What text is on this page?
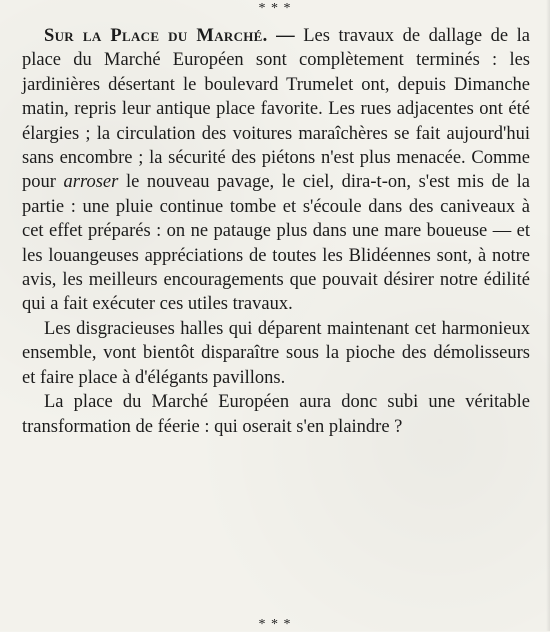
* * *

Sur la Place du Marché. — Les travaux de dallage de la place du Marché Européen sont complètement terminés : les jardinières désertant le boulevard Trumelet ont, depuis Dimanche matin, repris leur antique place favorite. Les rues adjacentes ont été élargies ; la circulation des voitures maraîchères se fait aujourd'hui sans encombre ; la sécurité des piétons n'est plus menacée. Comme pour arroser le nouveau pavage, le ciel, dira-t-on, s'est mis de la partie : une pluie continue tombe et s'écoule dans des caniveaux à cet effet préparés : on ne patauge plus dans une mare boueuse — et les louangeuses appréciations de toutes les Blidéennes sont, à notre avis, les meilleurs encouragements que pouvait désirer notre édilité qui a fait exécuter ces utiles travaux.

Les disgracieuses halles qui déparent maintenant cet harmonieux ensemble, vont bientôt disparaître sous la pioche des démolisseurs et faire place à d'élégants pavillons.

La place du Marché Européen aura donc subi une véritable transformation de féerie : qui oserait s'en plaindre ?

* * *
